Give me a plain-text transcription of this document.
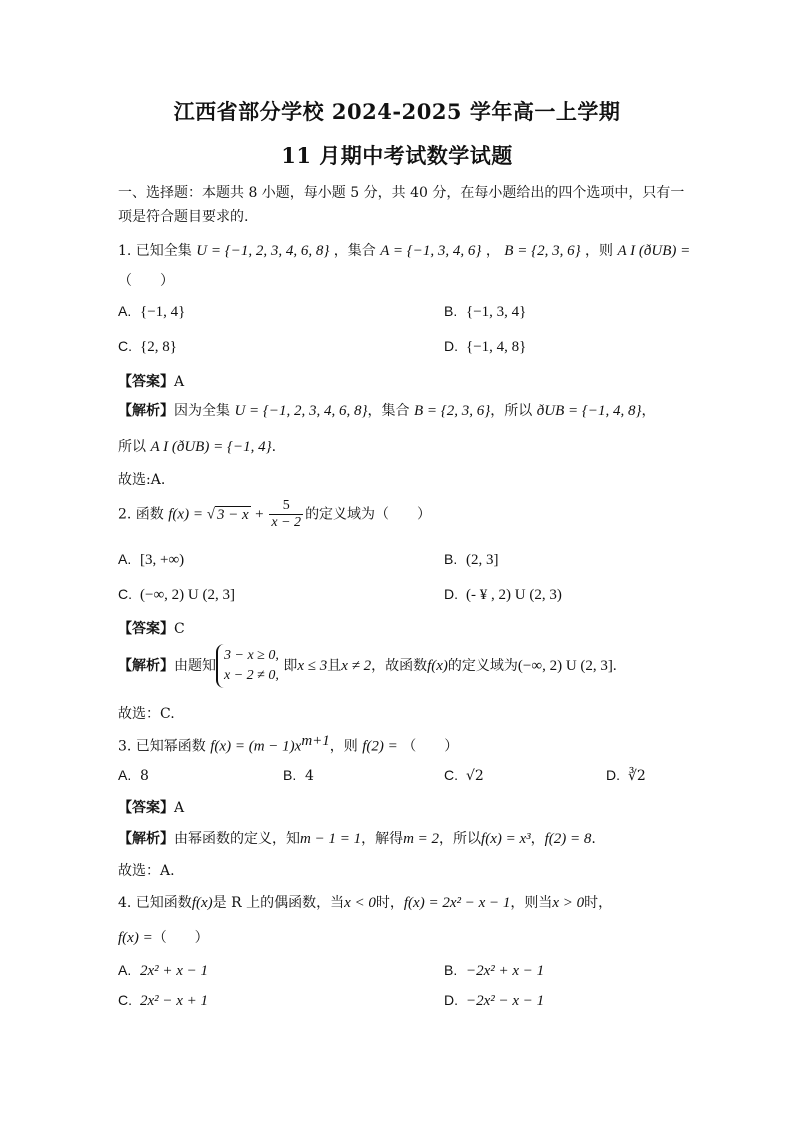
江西省部分学校 2024-2025 学年高一上学期
11 月期中考试数学试题
一、选择题：本题共 8 小题，每小题 5 分，共 40 分，在每小题给出的四个选项中，只有一
项是符合题目要求的.
1. 已知全集 U = {−1, 2, 3, 4, 6, 8} ，集合 A = {−1, 3, 4, 6} ， B = {2, 3, 6} ，则 A I (ðUB) =
（　　）
A. {−1, 4}	B. {−1, 3, 4}
C. {2, 8}	D. {−1, 4, 8}
【答案】A
【解析】因为全集 U = {−1, 2, 3, 4, 6, 8}，集合 B = {2, 3, 6}，所以 ðUB = {−1, 4, 8}，
所以 A I (ðUB) = {−1, 4}.
故选:A.
2. 函数 f(x) = √ $3 - x + \frac{5}{x - 2}$ 的定义域为（　　）
A. [3, +∞)	B. (2, 3]
C. (−∞, 2) U (2, 3]	D. (- ¥ , 2) U (2, 3)
【答案】C
【解析】由题知
3 − x ≥ 0,
x − 2 ≠ 0,
即x ≤ 3且x ≠ 2，故函数f(x)的定义域为(−∞, 2) U (2, 3].
故选：C.
3. 已知幂函数 $f(x) = (m - 1)x^{m+1}$，则 f(2) = （　　）
A. 8	B. 4	C. √2	D. ∛2
【答案】A
【解析】由幂函数的定义，知m − 1 = 1，解得m = 2，所以f(x) = x³，f(2) = 8.
故选：A.
4. 已知函数f(x)是 R 上的偶函数，当x < 0时，f(x) = 2x² − x − 1，则当x > 0时，
f(x) =（　　）
A. 2x² + x − 1	B. −2x² + x − 1
C. 2x² − x + 1	D. −2x² − x − 1
